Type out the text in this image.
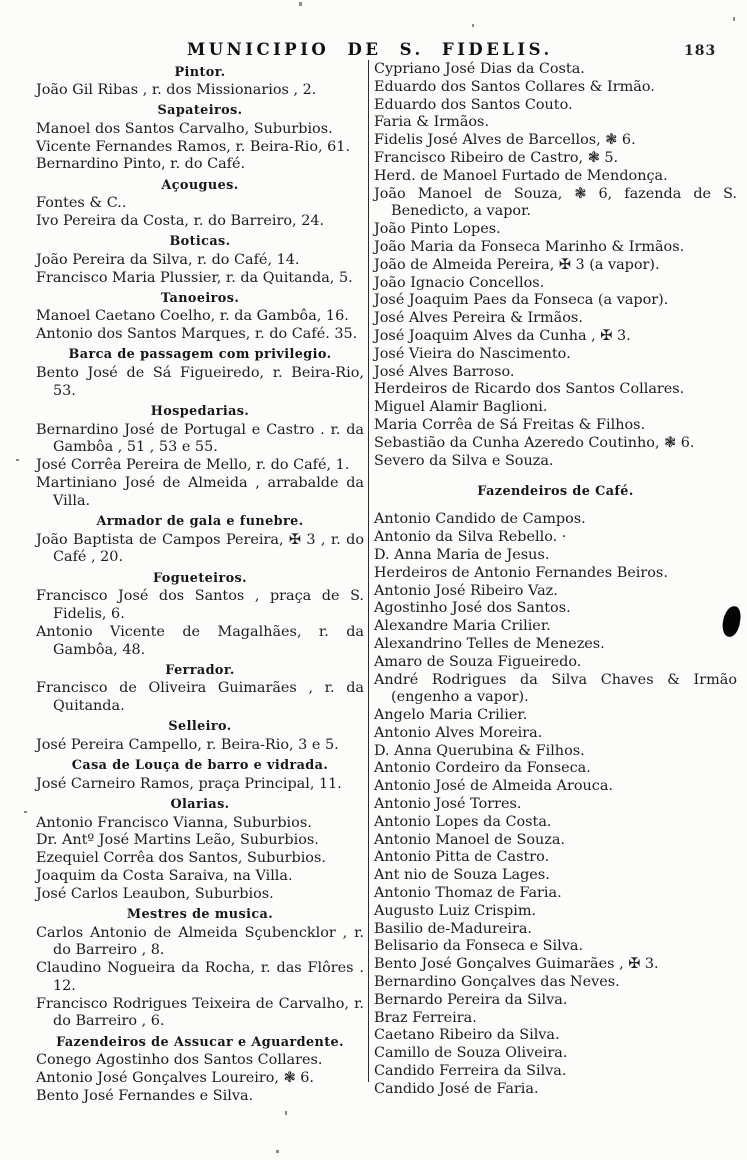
MUNICIPIO DE S. FIDELIS.	183
Pintor.
João Gil Ribas , r. dos Missionarios , 2.
Sapateiros.
Manoel dos Santos Carvalho, Suburbios.
Vicente Fernandes Ramos, r. Beira-Rio, 61.
Bernardino Pinto, r. do Café.
Açougues.
Fontes & C..
Ivo Pereira da Costa, r. do Barreiro, 24.
Boticas.
João Pereira da Silva, r. do Café, 14.
Francisco Maria Plussier, r. da Quitanda, 5.
Tanoeiros.
Manoel Caetano Coelho, r. da Gambôa, 16.
Antonio dos Santos Marques, r. do Café. 35.
Barca de passagem com privilegio.
Bento José de Sá Figueiredo, r. Beira-Rio, 53.
Hospedarias.
Bernardino José de Portugal e Castro . r. da Gambôa , 51 , 53 e 55.
José Corrêa Pereira de Mello, r. do Café, 1.
Martiniano José de Almeida , arrabalde da Villa.
Armador de gala e funebre.
João Baptista de Campos Pereira, ✠ 3 , r. do Café , 20.
Fogueteiros.
Francisco José dos Santos , praça de S. Fidelis, 6.
Antonio Vicente de Magalhães, r. da Gambôa, 48.
Ferrador.
Francisco de Oliveira Guimarães , r. da Quitanda.
Selleiro.
José Pereira Campello, r. Beira-Rio, 3 e 5.
Casa de Louça de barro e vidrada.
José Carneiro Ramos, praça Principal, 11.
Olarias.
Antonio Francisco Vianna, Suburbios.
Dr. Antº José Martins Leão, Suburbios.
Ezequiel Corrêa dos Santos, Suburbios.
Joaquim da Costa Saraiva, na Villa.
José Carlos Leaubon, Suburbios.
Mestres de musica.
Carlos Antonio de Almeida Sçubencklor , r. do Barreiro , 8.
Claudino Nogueira da Rocha, r. das Flôres . 12.
Francisco Rodrigues Teixeira de Carvalho, r. do Barreiro , 6.
Fazendeiros de Assucar e Aguardente.
Conego Agostinho dos Santos Collares.
Antonio José Gonçalves Loureiro, ❃ 6.
Bento José Fernandes e Silva.
Cypriano José Dias da Costa.
Eduardo dos Santos Collares & Irmão.
Eduardo dos Santos Couto.
Faria & Irmãos.
Fidelis José Alves de Barcellos, ❃ 6.
Francisco Ribeiro de Castro, ❃ 5.
Herd. de Manoel Furtado de Mendonça.
João Manoel de Souza, ❃ 6, fazenda de S. Benedicto, a vapor.
João Pinto Lopes.
João Maria da Fonseca Marinho & Irmãos.
João de Almeida Pereira, ✠ 3 (a vapor).
João Ignacio Concellos.
José Joaquim Paes da Fonseca (a vapor).
José Alves Pereira & Irmãos.
José Joaquim Alves da Cunha , ✠ 3.
José Vieira do Nascimento.
José Alves Barroso.
Herdeiros de Ricardo dos Santos Collares.
Miguel Alamir Baglioni.
Maria Corrêa de Sá Freitas & Filhos.
Sebastião da Cunha Azeredo Coutinho, ❃ 6.
Severo da Silva e Souza.
Fazendeiros de Café.
Antonio Candido de Campos.
Antonio da Silva Rebello. ·
D. Anna Maria de Jesus.
Herdeiros de Antonio Fernandes Beiros.
Antonio José Ribeiro Vaz.
Agostinho José dos Santos.
Alexandre Maria Crilier.
Alexandrino Telles de Menezes.
Amaro de Souza Figueiredo.
André Rodrigues da Silva Chaves & Irmão (engenho a vapor).
Angelo Maria Crilier.
Antonio Alves Moreira.
D. Anna Querubina & Filhos.
Antonio Cordeiro da Fonseca.
Antonio José de Almeida Arouca.
Antonio José Torres.
Antonio Lopes da Costa.
Antonio Manoel de Souza.
Antonio Pitta de Castro.
Ant nio de Souza Lages.
Antonio Thomaz de Faria.
Augusto Luiz Crispim.
Basilio de-Madureira.
Belisario da Fonseca e Silva.
Bento José Gonçalves Guimarães , ✠ 3.
Bernardino Gonçalves das Neves.
Bernardo Pereira da Silva.
Braz Ferreira.
Caetano Ribeiro da Silva.
Camillo de Souza Oliveira.
Candido Ferreira da Silva.
Candido José de Faria.
